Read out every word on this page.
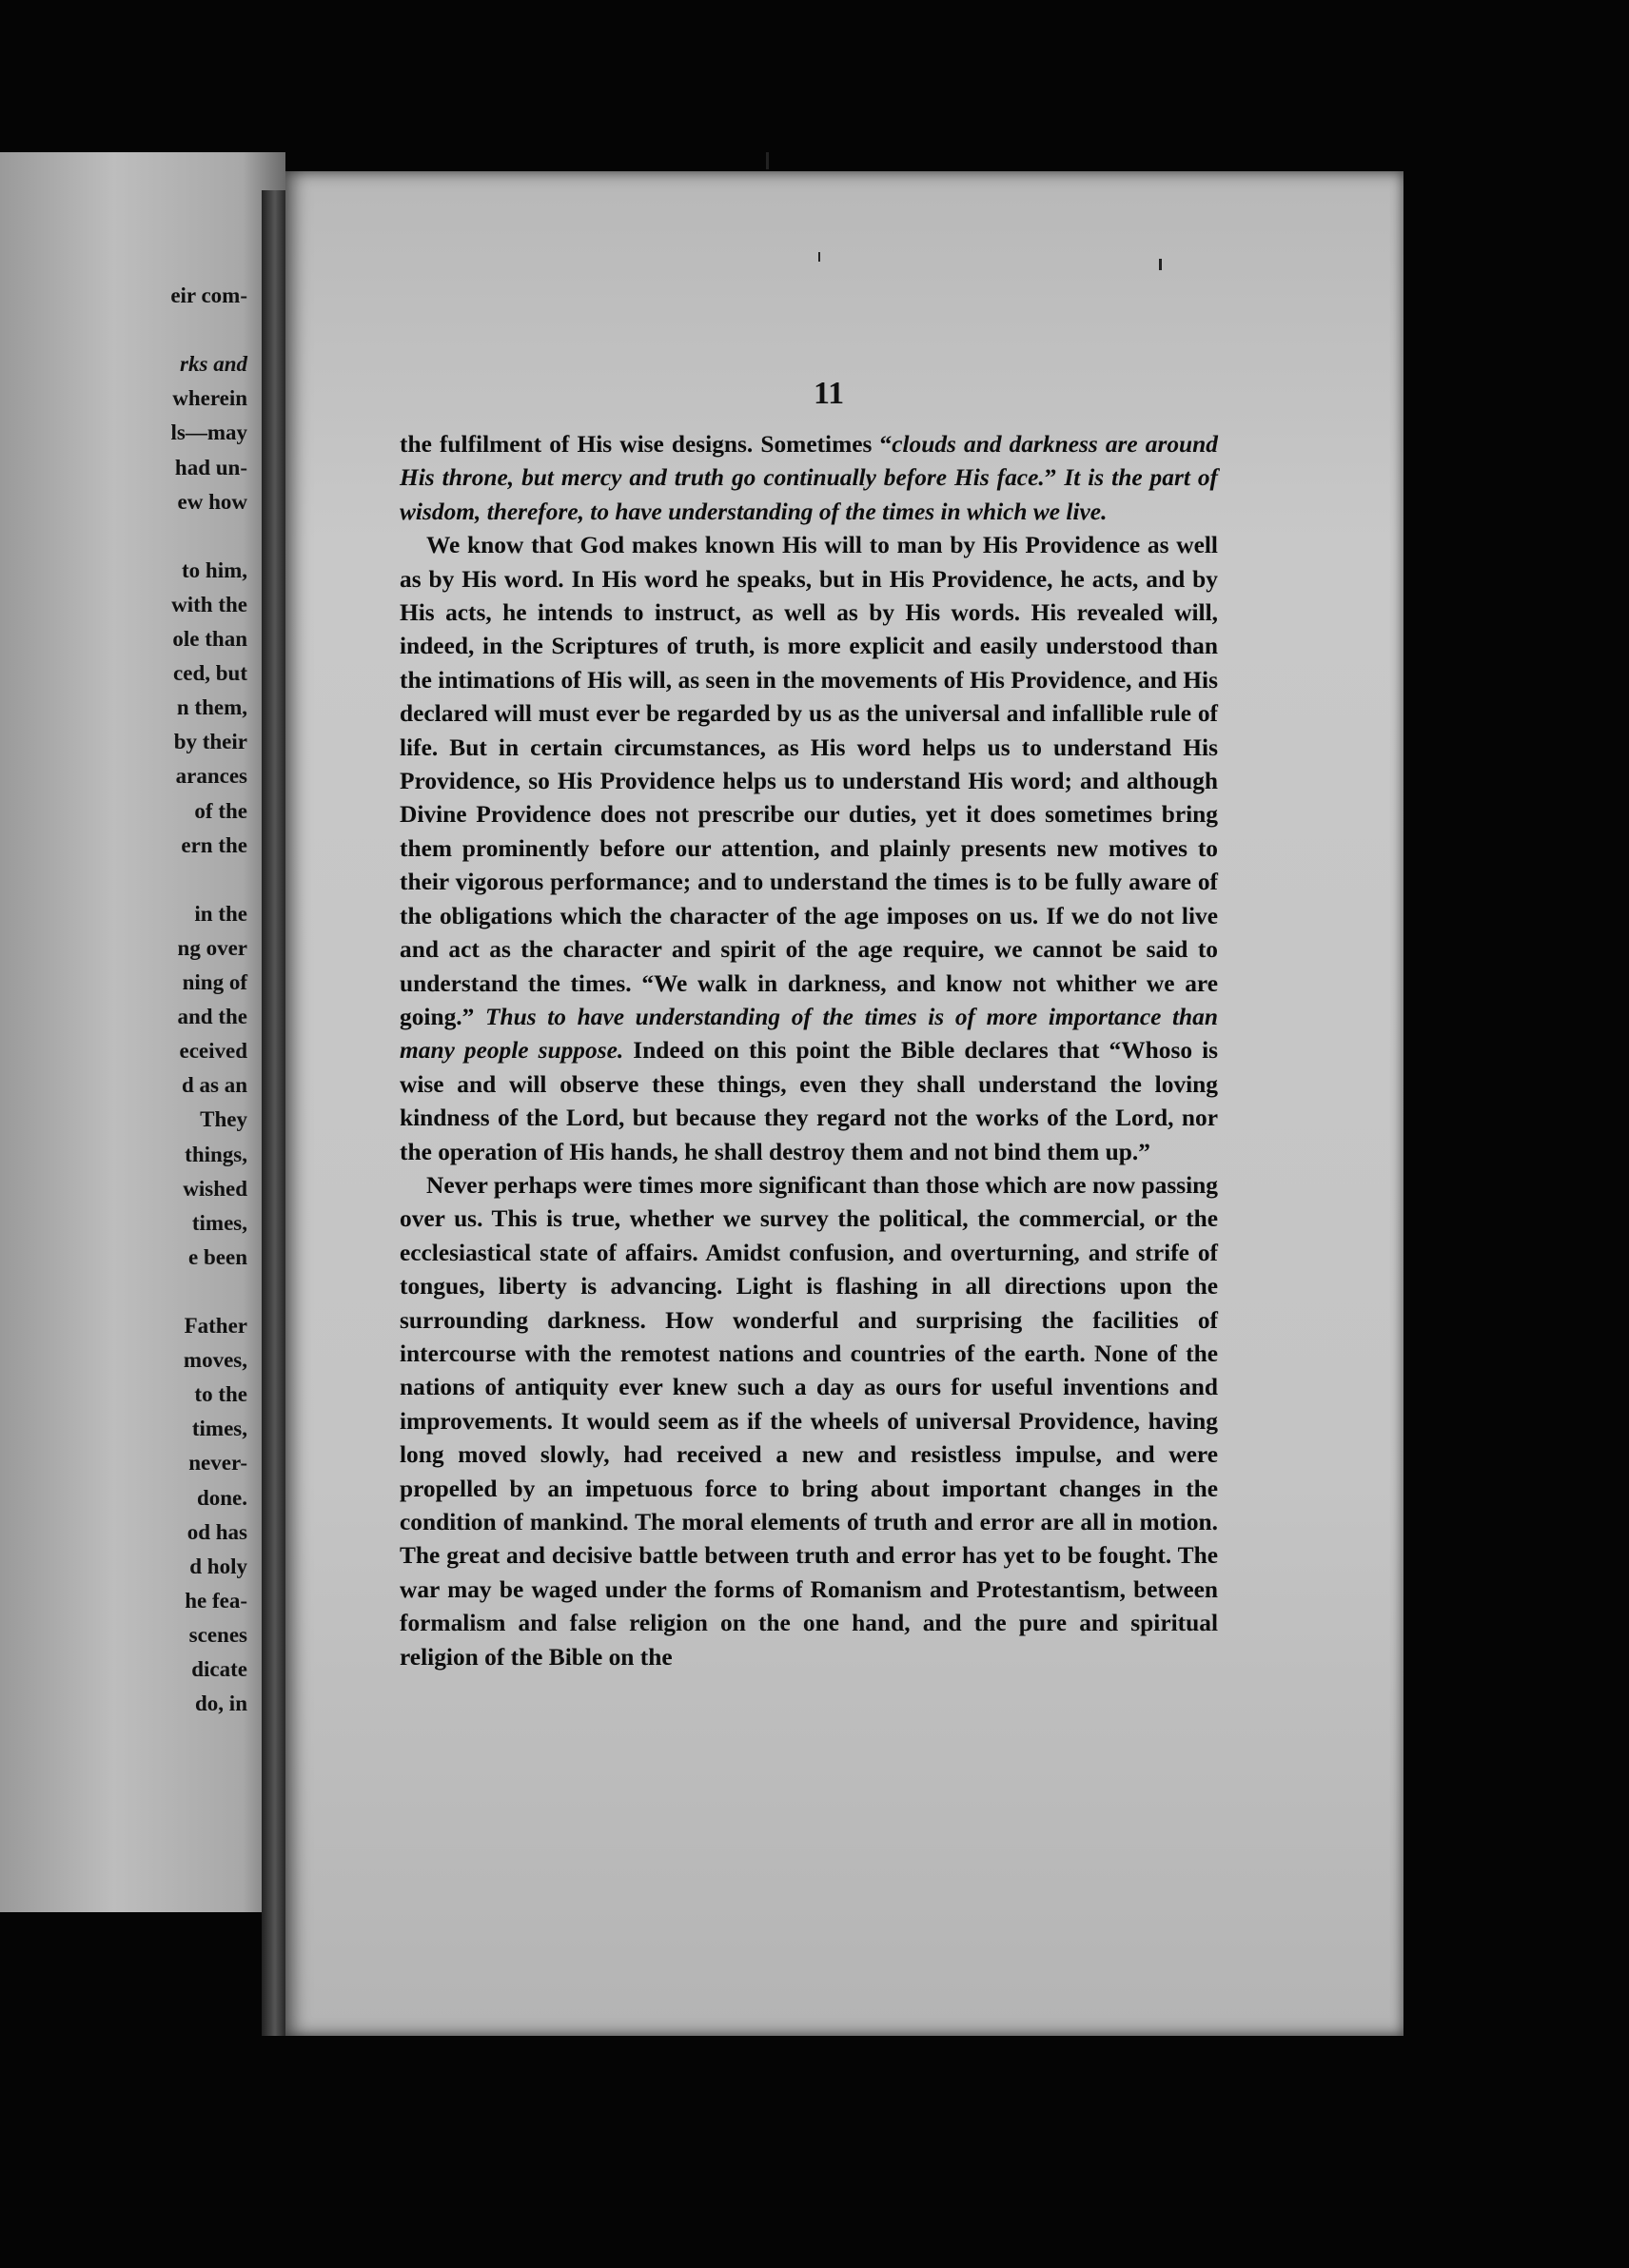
eir com-
rks and
wherein
ls—may
had un-
ew how
to him,
with the
ole than
ced, but
n them,
by their
arances
of the
ern the
in the
ng over
ning of
and the
eceived
d as an
They
things,
wished
times,
e been
Father
moves,
to the
times,
never-
done.
od has
d holy
he fea-
scenes
dicate
do, in
11

the fulfilment of His wise designs. Sometimes “clouds and darkness are around His throne, but mercy and truth go continually before His face.” It is the part of wisdom, therefore, to have understanding of the times in which we live.

We know that God makes known His will to man by His Providence as well as by His word. In His word he speaks, but in His Providence, he acts, and by His acts, he intends to instruct, as well as by His words. His revealed will, indeed, in the Scriptures of truth, is more explicit and easily understood than the intimations of His will, as seen in the movements of His Providence, and His declared will must ever be regarded by us as the universal and infallible rule of life. But in certain circumstances, as His word helps us to understand His Providence, so His Providence helps us to understand His word; and although Divine Providence does not prescribe our duties, yet it does sometimes bring them prominently before our attention, and plainly presents new motives to their vigorous performance; and to understand the times is to be fully aware of the obligations which the character of the age imposes on us. If we do not live and act as the character and spirit of the age require, we cannot be said to understand the times. “We walk in darkness, and know not whither we are going.” Thus to have understanding of the times is of more importance than many people suppose. Indeed on this point the Bible declares that “Whoso is wise and will observe these things, even they shall understand the loving kindness of the Lord, but because they regard not the works of the Lord, nor the operation of His hands, he shall destroy them and not bind them up.”

Never perhaps were times more significant than those which are now passing over us. This is true, whether we survey the political, the commercial, or the ecclesiastical state of affairs. Amidst confusion, and overturning, and strife of tongues, liberty is advancing. Light is flashing in all directions upon the surrounding darkness. How wonderful and surprising the facilities of intercourse with the remotest nations and countries of the earth. None of the nations of antiquity ever knew such a day as ours for useful inventions and improvements. It would seem as if the wheels of universal Providence, having long moved slowly, had received a new and resistless impulse, and were propelled by an impetuous force to bring about important changes in the condition of mankind. The moral elements of truth and error are all in motion. The great and decisive battle between truth and error has yet to be fought. The war may be waged under the forms of Romanism and Protestantism, between formalism and false religion on the one hand, and the pure and spiritual religion of the Bible on the
